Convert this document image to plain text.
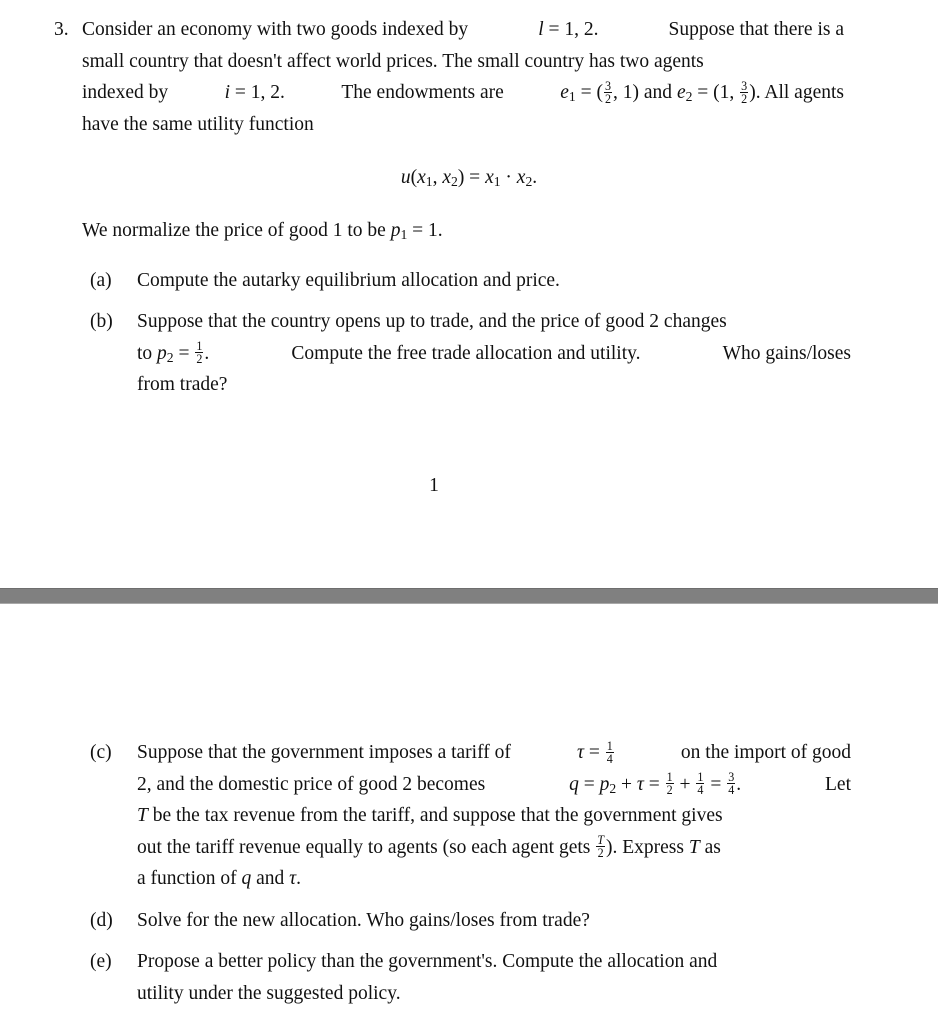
3. Consider an economy with two goods indexed by	l = 1, 2.	Suppose that there is a
small country that doesn't affect world prices. The small country has two agents
indexed by	i = 1, 2.	The endowments are	$e_1$ = ( $\frac{3}{2}$ , 1) and $e_2 = (1$, $\frac{3}{2}$ ). All agents
have the same utility function
$u(x_1$, $x_2) = x_1 \cdot x_2$.
We normalize the price of good 1 to be $p_1 = 1$.
(a) Compute the autarky equilibrium allocation and price.
(b) Suppose that the country opens up to trade, and the price of good 2 changes
to $p_2 = \frac{1}{2}$ .	Compute the free trade allocation and utility.	Who gains/loses
from trade?
1
(c) Suppose that the government imposes a tariff of	$\tau = \frac{1}{4}$	on the import of good
2, and the domestic price of good 2 becomes	$q = p_2 + \tau = \frac{1}{2} + \frac{1}{4} = \frac{3}{4}$ .	Let
T be the tax revenue from the tariff, and suppose that the government gives
out the tariff revenue equally to agents (so each agent gets $\frac{T}{2}$ ). Express T as
a function of q and τ.
(d) Solve for the new allocation. Who gains/loses from trade?
(e) Propose a better policy than the government's. Compute the allocation and
utility under the suggested policy.
